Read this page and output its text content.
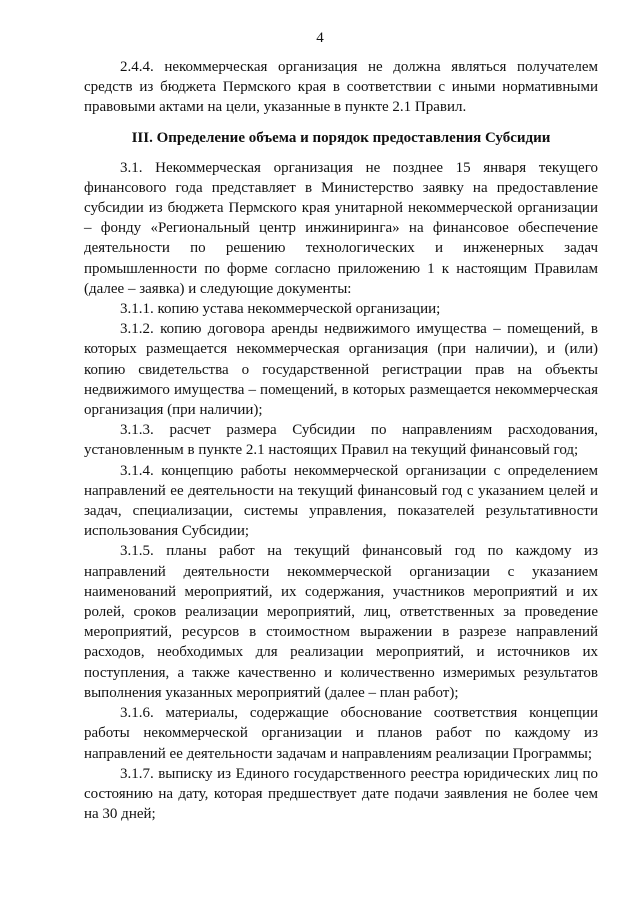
4

2.4.4. некоммерческая организация не должна являться получателем средств из бюджета Пермского края в соответствии с иными нормативными правовыми актами на цели, указанные в пункте 2.1 Правил.

III. Определение объема и порядок предоставления Субсидии

3.1. Некоммерческая организация не позднее 15 января текущего финансового года представляет в Министерство заявку на предоставление субсидии из бюджета Пермского края унитарной некоммерческой организации – фонду «Региональный центр инжиниринга» на финансовое обеспечение деятельности по решению технологических и инженерных задач промышленности по форме согласно приложению 1 к настоящим Правилам (далее – заявка) и следующие документы:

3.1.1. копию устава некоммерческой организации;

3.1.2. копию договора аренды недвижимого имущества – помещений, в которых размещается некоммерческая организация (при наличии), и (или) копию свидетельства о государственной регистрации прав на объекты недвижимого имущества – помещений, в которых размещается некоммерческая организация (при наличии);

3.1.3. расчет размера Субсидии по направлениям расходования, установленным в пункте 2.1 настоящих Правил на текущий финансовый год;

3.1.4. концепцию работы некоммерческой организации с определением направлений ее деятельности на текущий финансовый год с указанием целей и задач, специализации, системы управления, показателей результативности использования Субсидии;

3.1.5. планы работ на текущий финансовый год по каждому из направлений деятельности некоммерческой организации с указанием наименований мероприятий, их содержания, участников мероприятий и их ролей, сроков реализации мероприятий, лиц, ответственных за проведение мероприятий, ресурсов в стоимостном выражении в разрезе направлений расходов, необходимых для реализации мероприятий, и источников их поступления, а также качественно и количественно измеримых результатов выполнения указанных мероприятий (далее – план работ);

3.1.6. материалы, содержащие обоснование соответствия концепции работы некоммерческой организации и планов работ по каждому из направлений ее деятельности задачам и направлениям реализации Программы;

3.1.7. выписку из Единого государственного реестра юридических лиц по состоянию на дату, которая предшествует дате подачи заявления не более чем на 30 дней;
